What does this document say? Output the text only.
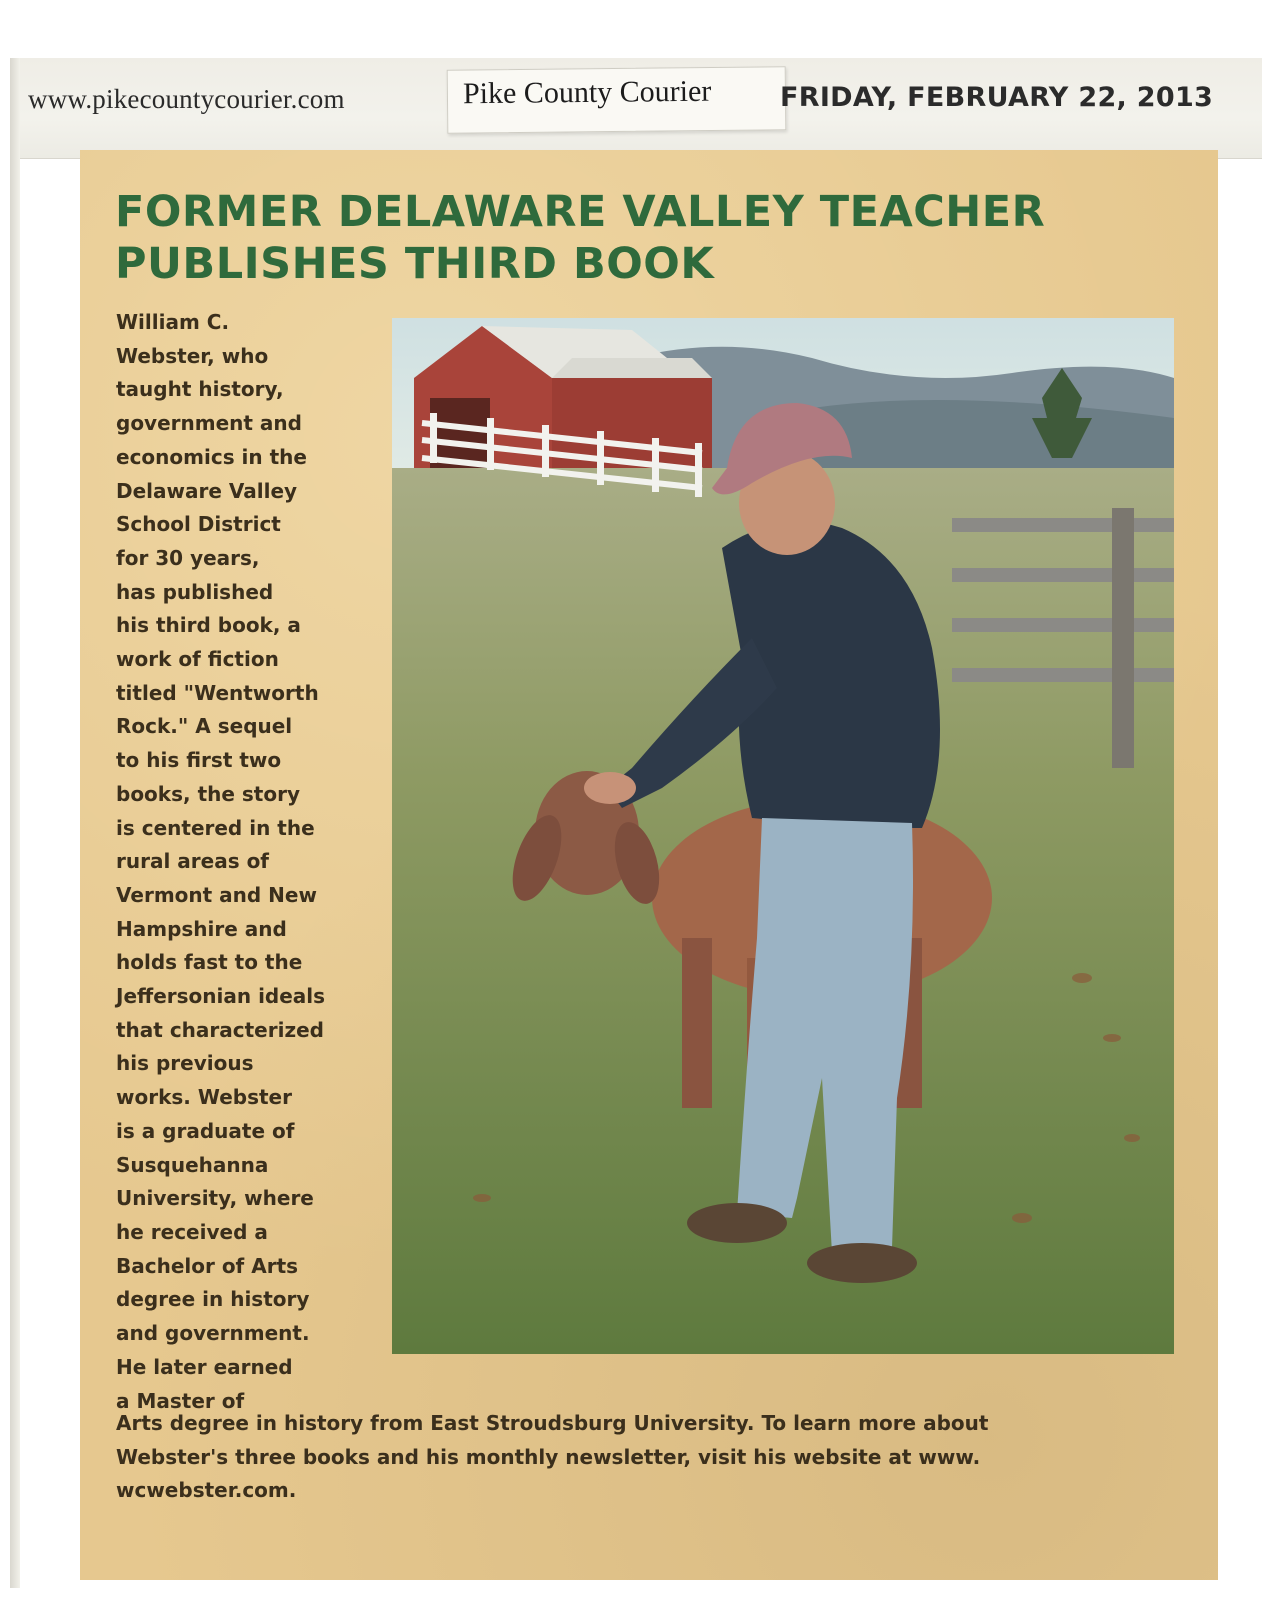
www.pikecountycourier.com	Pike County Courier	FRIDAY, FEBRUARY 22, 2013
FORMER DELAWARE VALLEY TEACHER
PUBLISHES THIRD BOOK

William C.
Webster, who
taught history,
government and
economics in the
Delaware Valley
School District
for 30 years,
has published
his third book, a
work of fiction
titled "Wentworth
Rock." A sequel
to his first two
books, the story
is centered in the
rural areas of
Vermont and New
Hampshire and
holds fast to the
Jeffersonian ideals
that characterized
his previous
works. Webster
is a graduate of
Susquehanna
University, where
he received a
Bachelor of Arts
degree in history
and government.
He later earned
a Master of

Arts degree in history from East Stroudsburg University. To learn more about
Webster's three books and his monthly newsletter, visit his website at www.
wcwebster.com.
